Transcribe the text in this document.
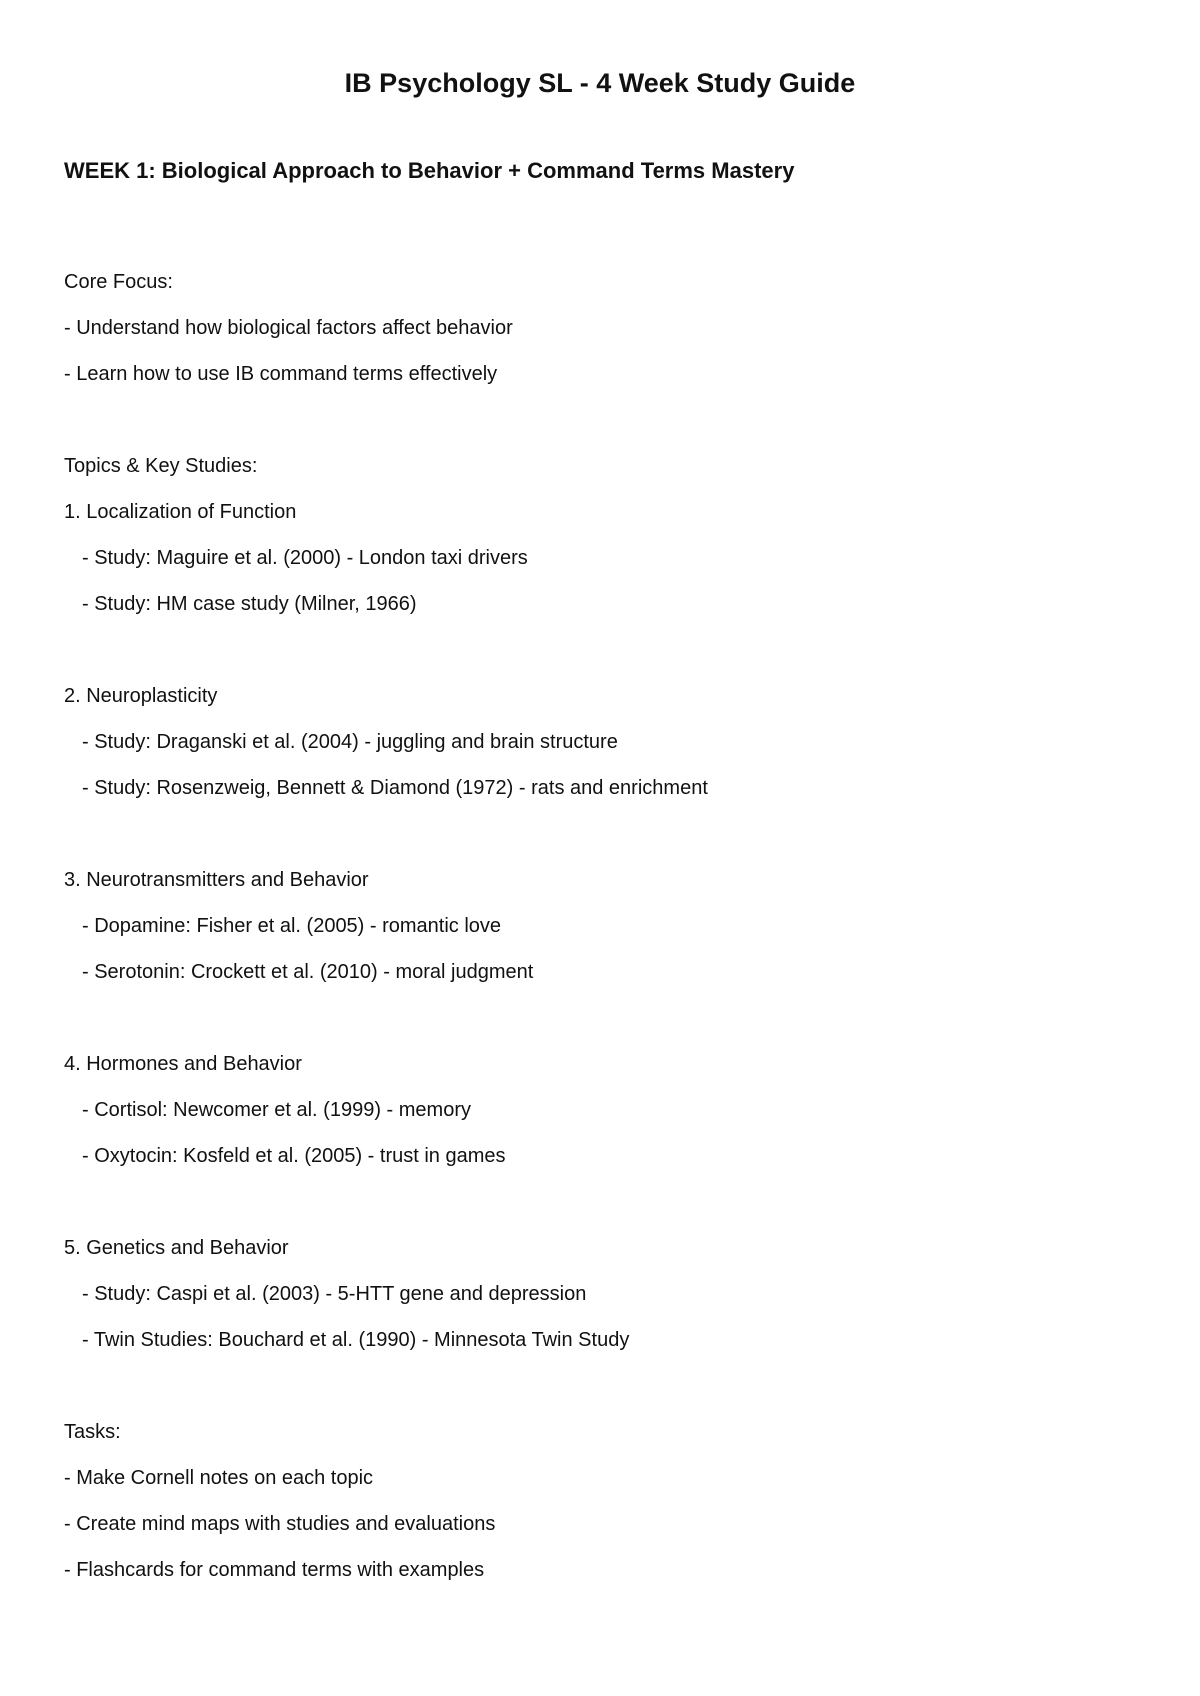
IB Psychology SL - 4 Week Study Guide
WEEK 1: Biological Approach to Behavior + Command Terms Mastery
Core Focus:
- Understand how biological factors affect behavior
- Learn how to use IB command terms effectively
Topics & Key Studies:
1. Localization of Function
- Study: Maguire et al. (2000) - London taxi drivers
- Study: HM case study (Milner, 1966)
2. Neuroplasticity
- Study: Draganski et al. (2004) - juggling and brain structure
- Study: Rosenzweig, Bennett & Diamond (1972) - rats and enrichment
3. Neurotransmitters and Behavior
- Dopamine: Fisher et al. (2005) - romantic love
- Serotonin: Crockett et al. (2010) - moral judgment
4. Hormones and Behavior
- Cortisol: Newcomer et al. (1999) - memory
- Oxytocin: Kosfeld et al. (2005) - trust in games
5. Genetics and Behavior
- Study: Caspi et al. (2003) - 5-HTT gene and depression
- Twin Studies: Bouchard et al. (1990) - Minnesota Twin Study
Tasks:
- Make Cornell notes on each topic
- Create mind maps with studies and evaluations
- Flashcards for command terms with examples
